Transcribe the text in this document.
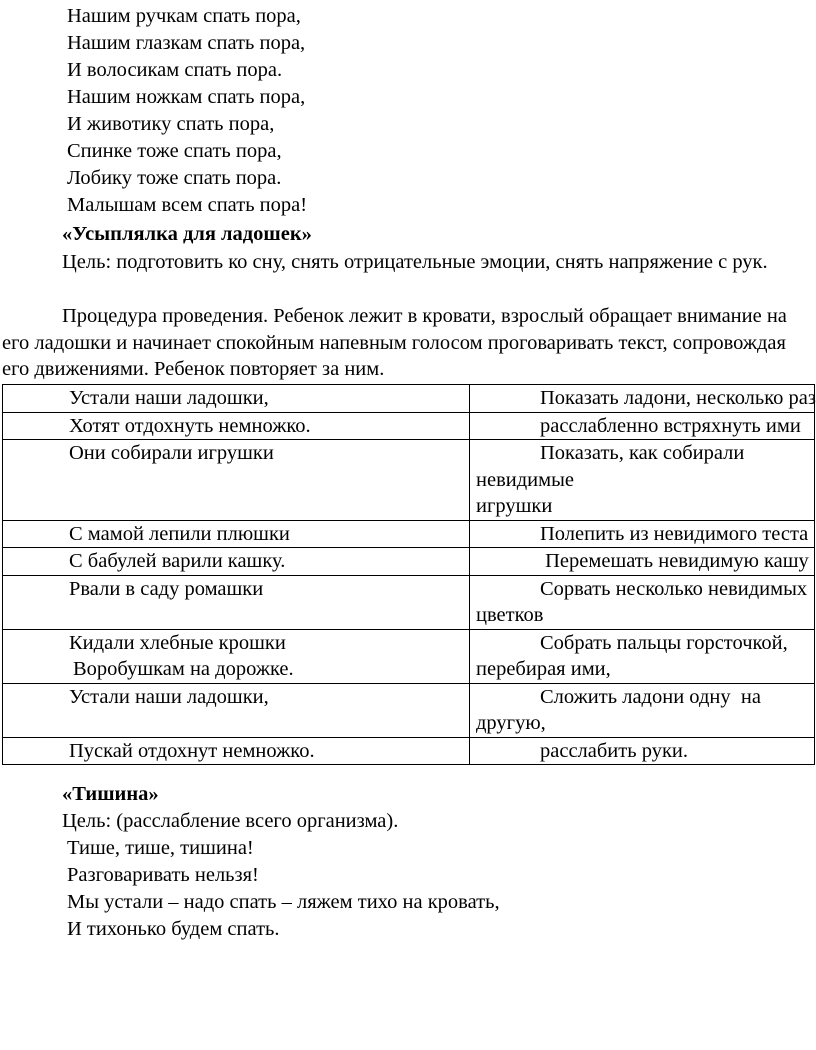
Нашим ручкам спать пора,
Нашим глазкам спать пора,
И волосикам спать пора.
Нашим ножкам спать пора,
И животику спать пора,
Спинке тоже спать пора,
Лобику тоже спать пора.
Малышам всем спать пора!
«Усыплялка для ладошек»
Цель: подготовить ко сну, снять отрицательные эмоции, снять напряжение с рук.
Процедура проведения. Ребенок лежит в кровати, взрослый обращает внимание на его ладошки и начинает спокойным напевным голосом проговаривать текст, сопровождая его движениями. Ребенок повторяет за ним.
Устали наши ладошки,	Показать ладони, несколько раз

Хотят отдохнуть немножко.	расслабленно встряхнуть ими

Они собирали игрушки	Показать, как собирали
невидимые
игрушки

С мамой лепили плюшки	Полепить из невидимого теста

С бабулей варили кашку.	Перемешать невидимую кашу

Рвали в саду ромашки	Сорвать несколько невидимых
цветков

Кидали хлебные крошки
Воробушкам на дорожке.	Собрать пальцы горсточкой,
перебирая ими,

Устали наши ладошки,	Сложить ладони одну  на
другую,

Пускай отдохнут немножко.	расслабить руки.
«Тишина»
Цель: (расслабление всего организма).
Тише, тише, тишина!
Разговаривать нельзя!
Мы устали – надо спать – ляжем тихо на кровать,
И тихонько будем спать.
